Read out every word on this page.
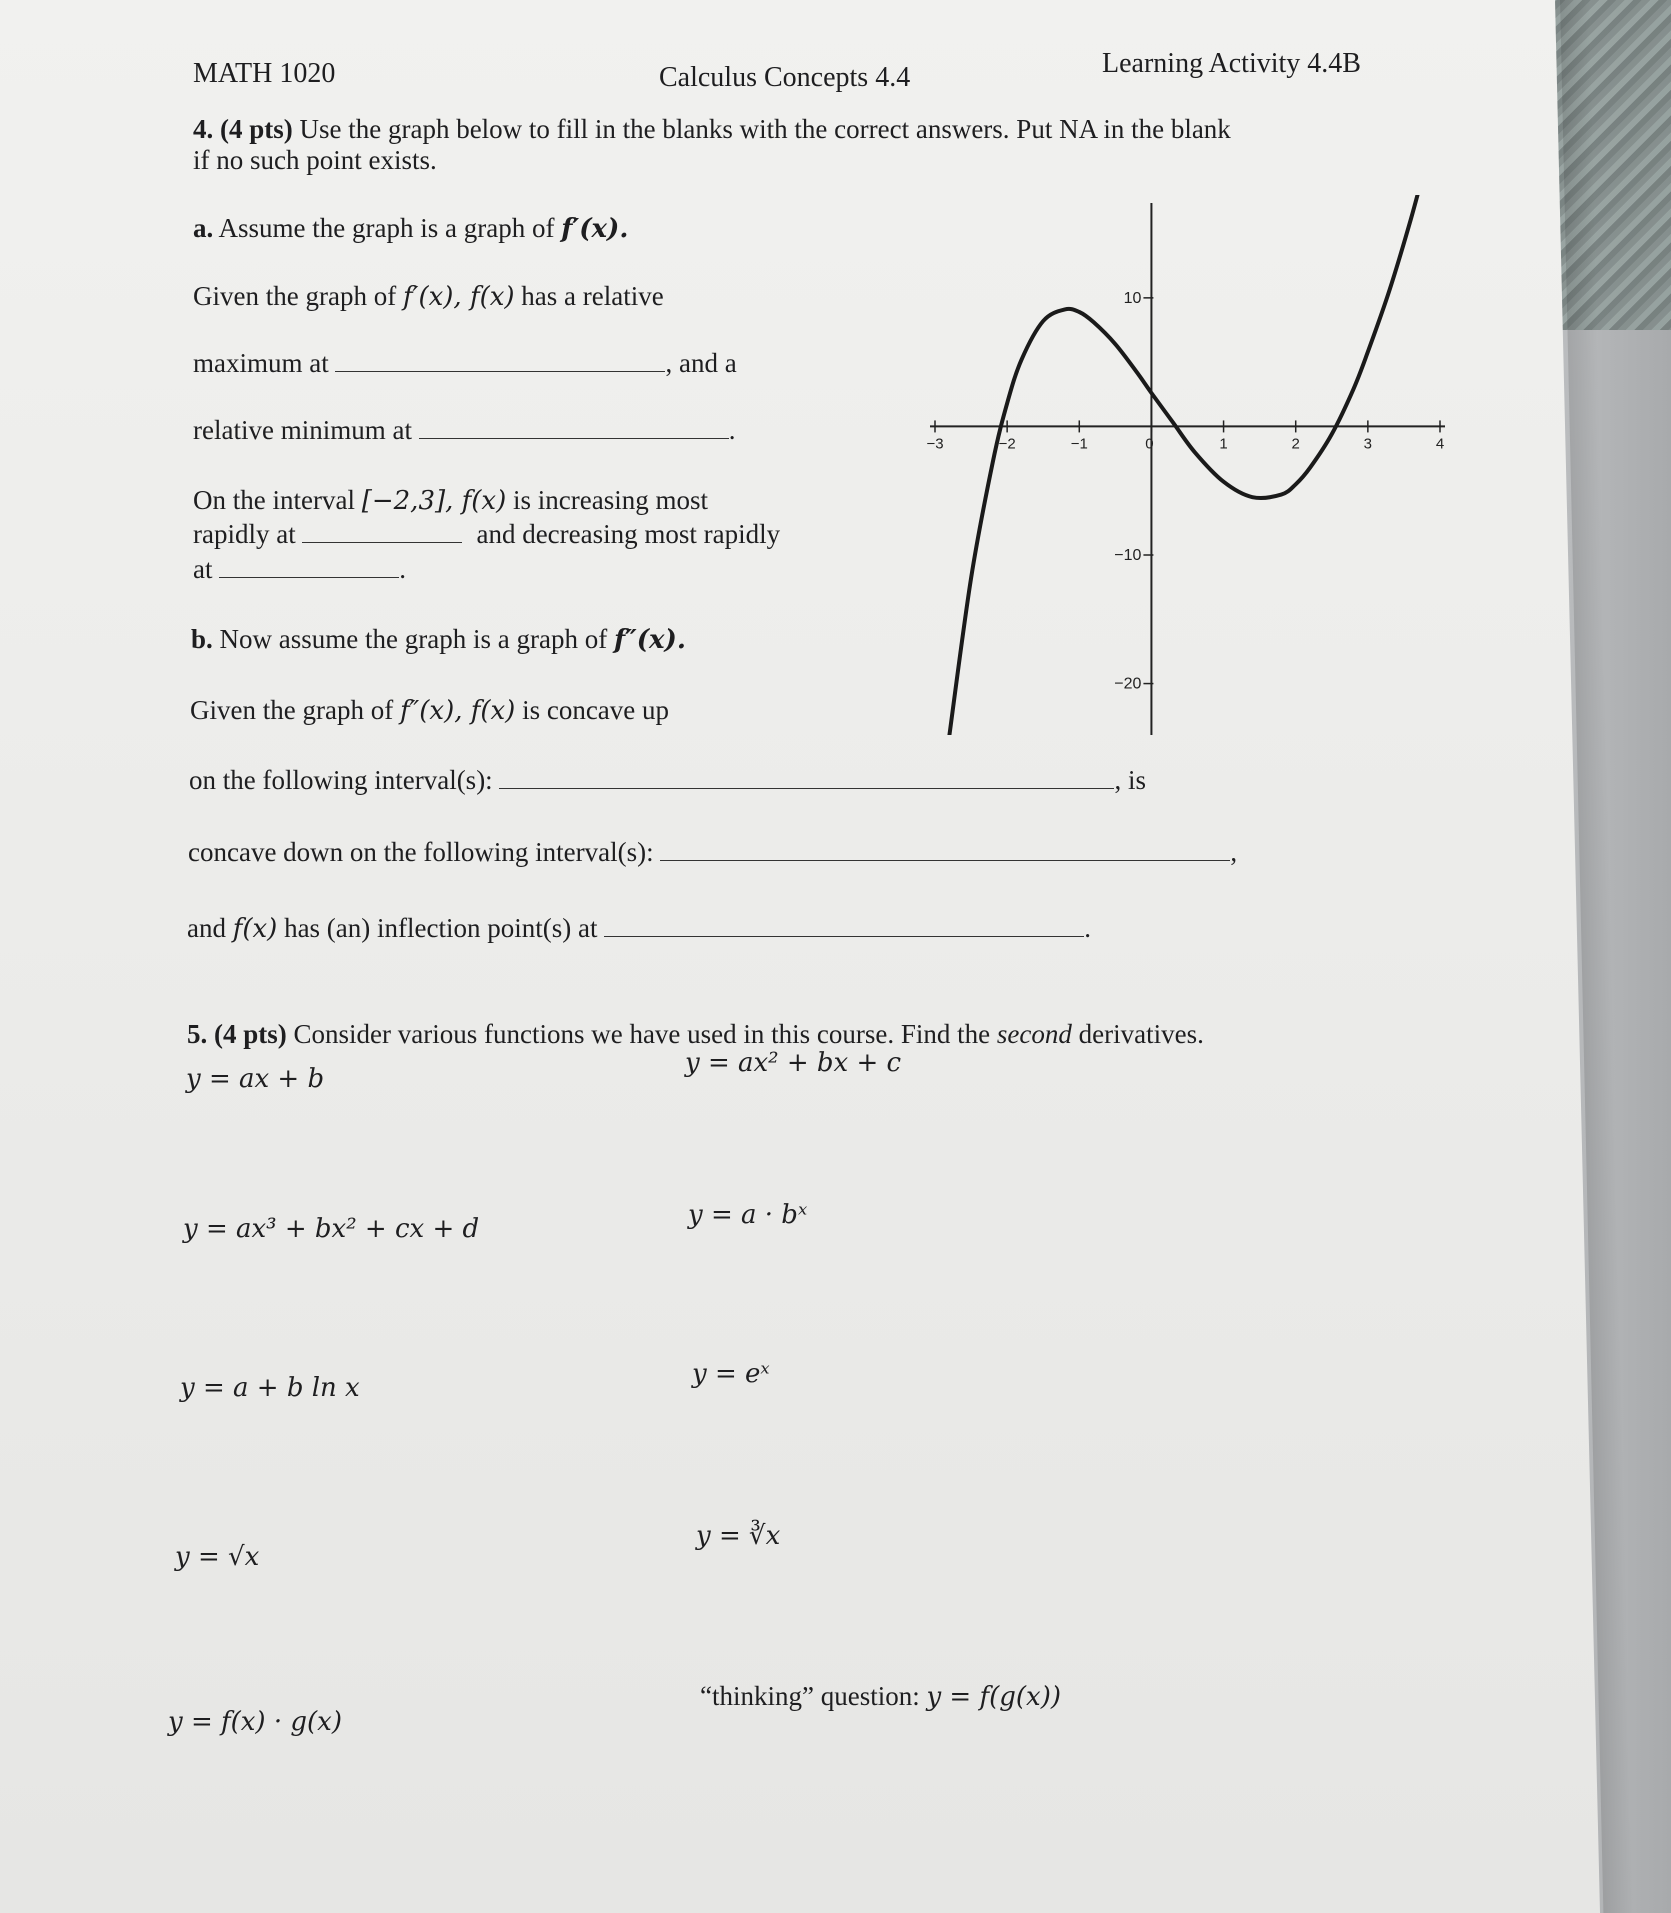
MATH 1020	Calculus Concepts 4.4	Learning Activity 4.4B
4. (4 pts) Use the graph below to fill in the blanks with the correct answers. Put NA in the blank
if no such point exists.
a. Assume the graph is a graph of f′(x).
Given the graph of f′(x), f(x) has a relative
maximum at	, and a
relative minimum at	.
On the interval [−2,3], f(x) is increasing most
rapidly at	and decreasing most rapidly
at	.
b. Now assume the graph is a graph of f″(x).
Given the graph of f″(x), f(x) is concave up
on the following interval(s):	, is
concave down on the following interval(s):	,
and f(x) has (an) inflection point(s) at	.
−3	−2	−1	0	1	2	3	4
10
−10
−20
5. (4 pts) Consider various functions we have used in this course. Find the second derivatives.
y = ax + b
y = ax² + bx + c
y = ax³ + bx² + cx + d	y = a · bˣ
y = a + b ln x	y = eˣ
y = √x
y = ∛x
y = f(x) · g(x)
“thinking” question: y = f(g(x))
